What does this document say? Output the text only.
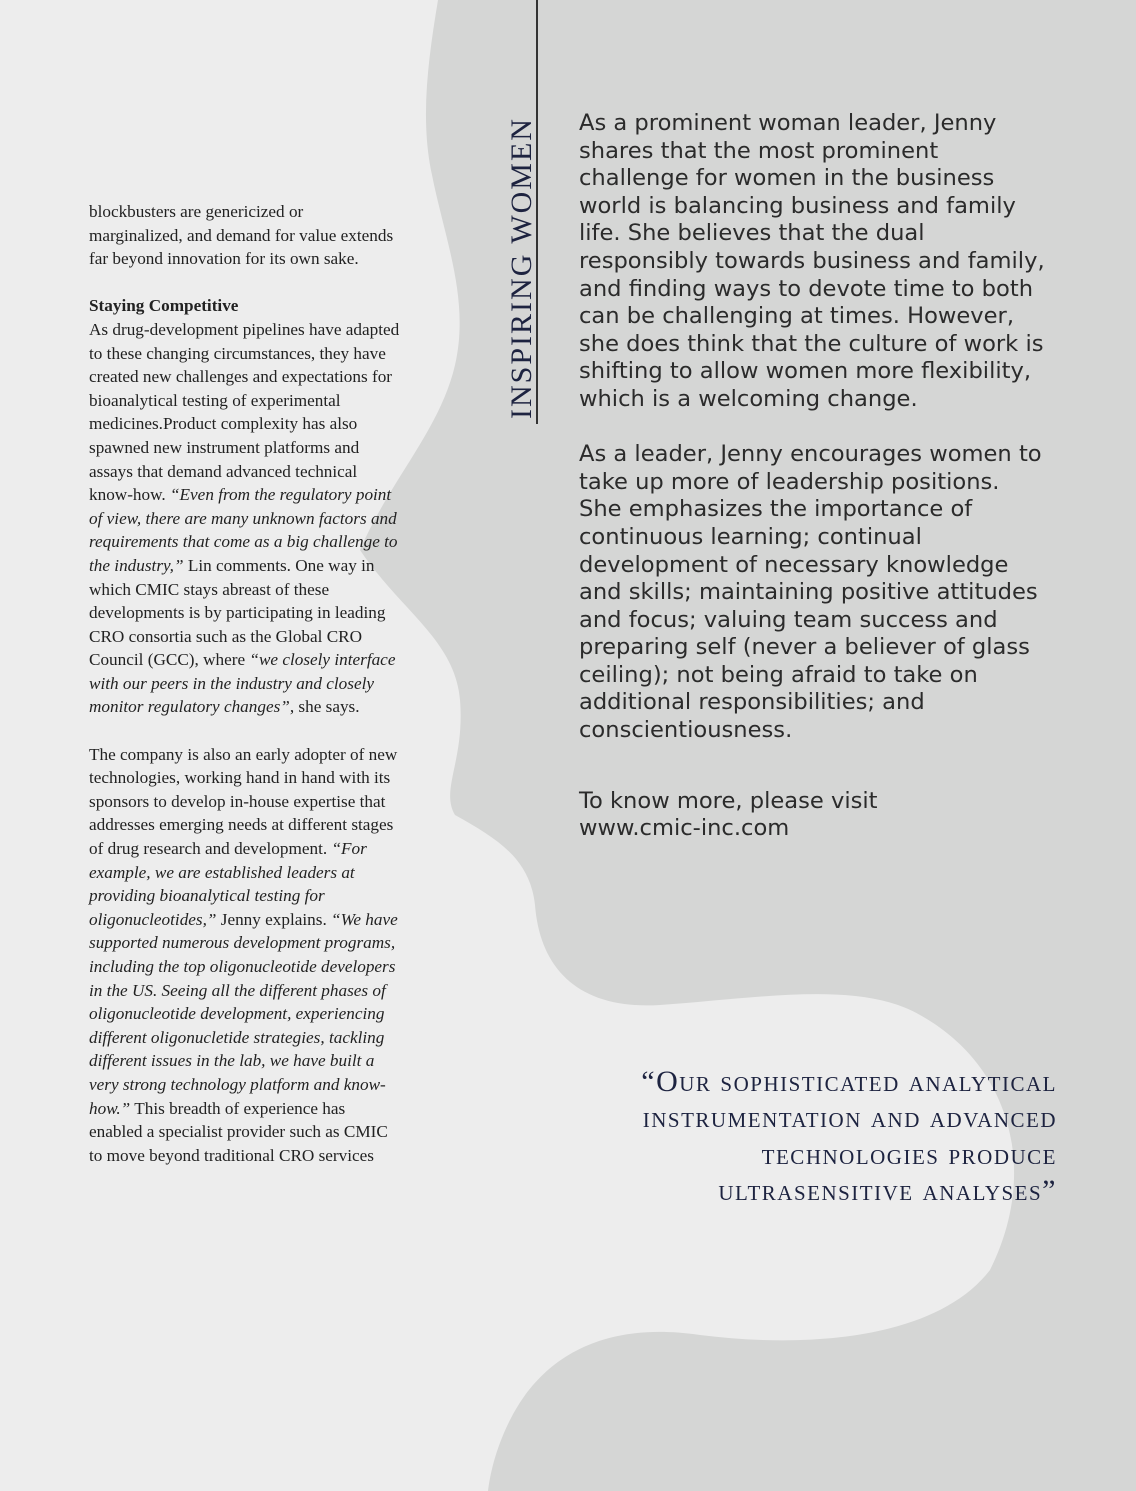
blockbusters are genericized or marginalized, and demand for value extends far beyond innovation for its own sake.

Staying Competitive

As drug-development pipelines have adapted to these changing circumstances, they have created new challenges and expectations for bioanalytical testing of experimental medicines.Product complexity has also spawned new instrument platforms and assays that demand advanced technical know-how. “Even from the regulatory point of view, there are many unknown factors and requirements that come as a big challenge to the industry,” Lin comments. One way in which CMIC stays abreast of these developments is by participating in leading CRO consortia such as the Global CRO Council (GCC), where “we closely interface with our peers in the industry and closely monitor regulatory changes”, she says.

The company is also an early adopter of new technologies, working hand in hand with its sponsors to develop in-house expertise that addresses emerging needs at different stages of drug research and development. “For example, we are established leaders at providing bioanalytical testing for oligonucleotides,” Jenny explains. “We have supported numerous development programs, including the top oligonucleotide developers in the US. Seeing all the different phases of oligonucleotide development, experiencing different oligonucletide strategies, tackling different issues in the lab, we have built a very strong technology platform and know-how.” This breadth of experience has enabled a specialist provider such as CMIC to move beyond traditional CRO services

INSPIRING WOMEN As a prominent woman leader, Jenny shares that the most prominent challenge for women in the business world is balancing business and family life. She believes that the dual responsibly towards business and family, and finding ways to devote time to both can be challenging at times. However, she does think that the culture of work is shifting to allow women more flexibility, which is a welcoming change.

As a leader, Jenny encourages women to take up more of leadership positions. She emphasizes the importance of continuous learning; continual development of necessary knowledge and skills; maintaining positive attitudes and focus; valuing team success and preparing self (never a believer of glass ceiling); not being afraid to take on additional responsibilities; and conscientiousness.

To know more, please visit

www.cmic-inc.com

“Our sophisticated analytical
instrumentation and advanced
technologies produce
ultrasensitive analyses”
